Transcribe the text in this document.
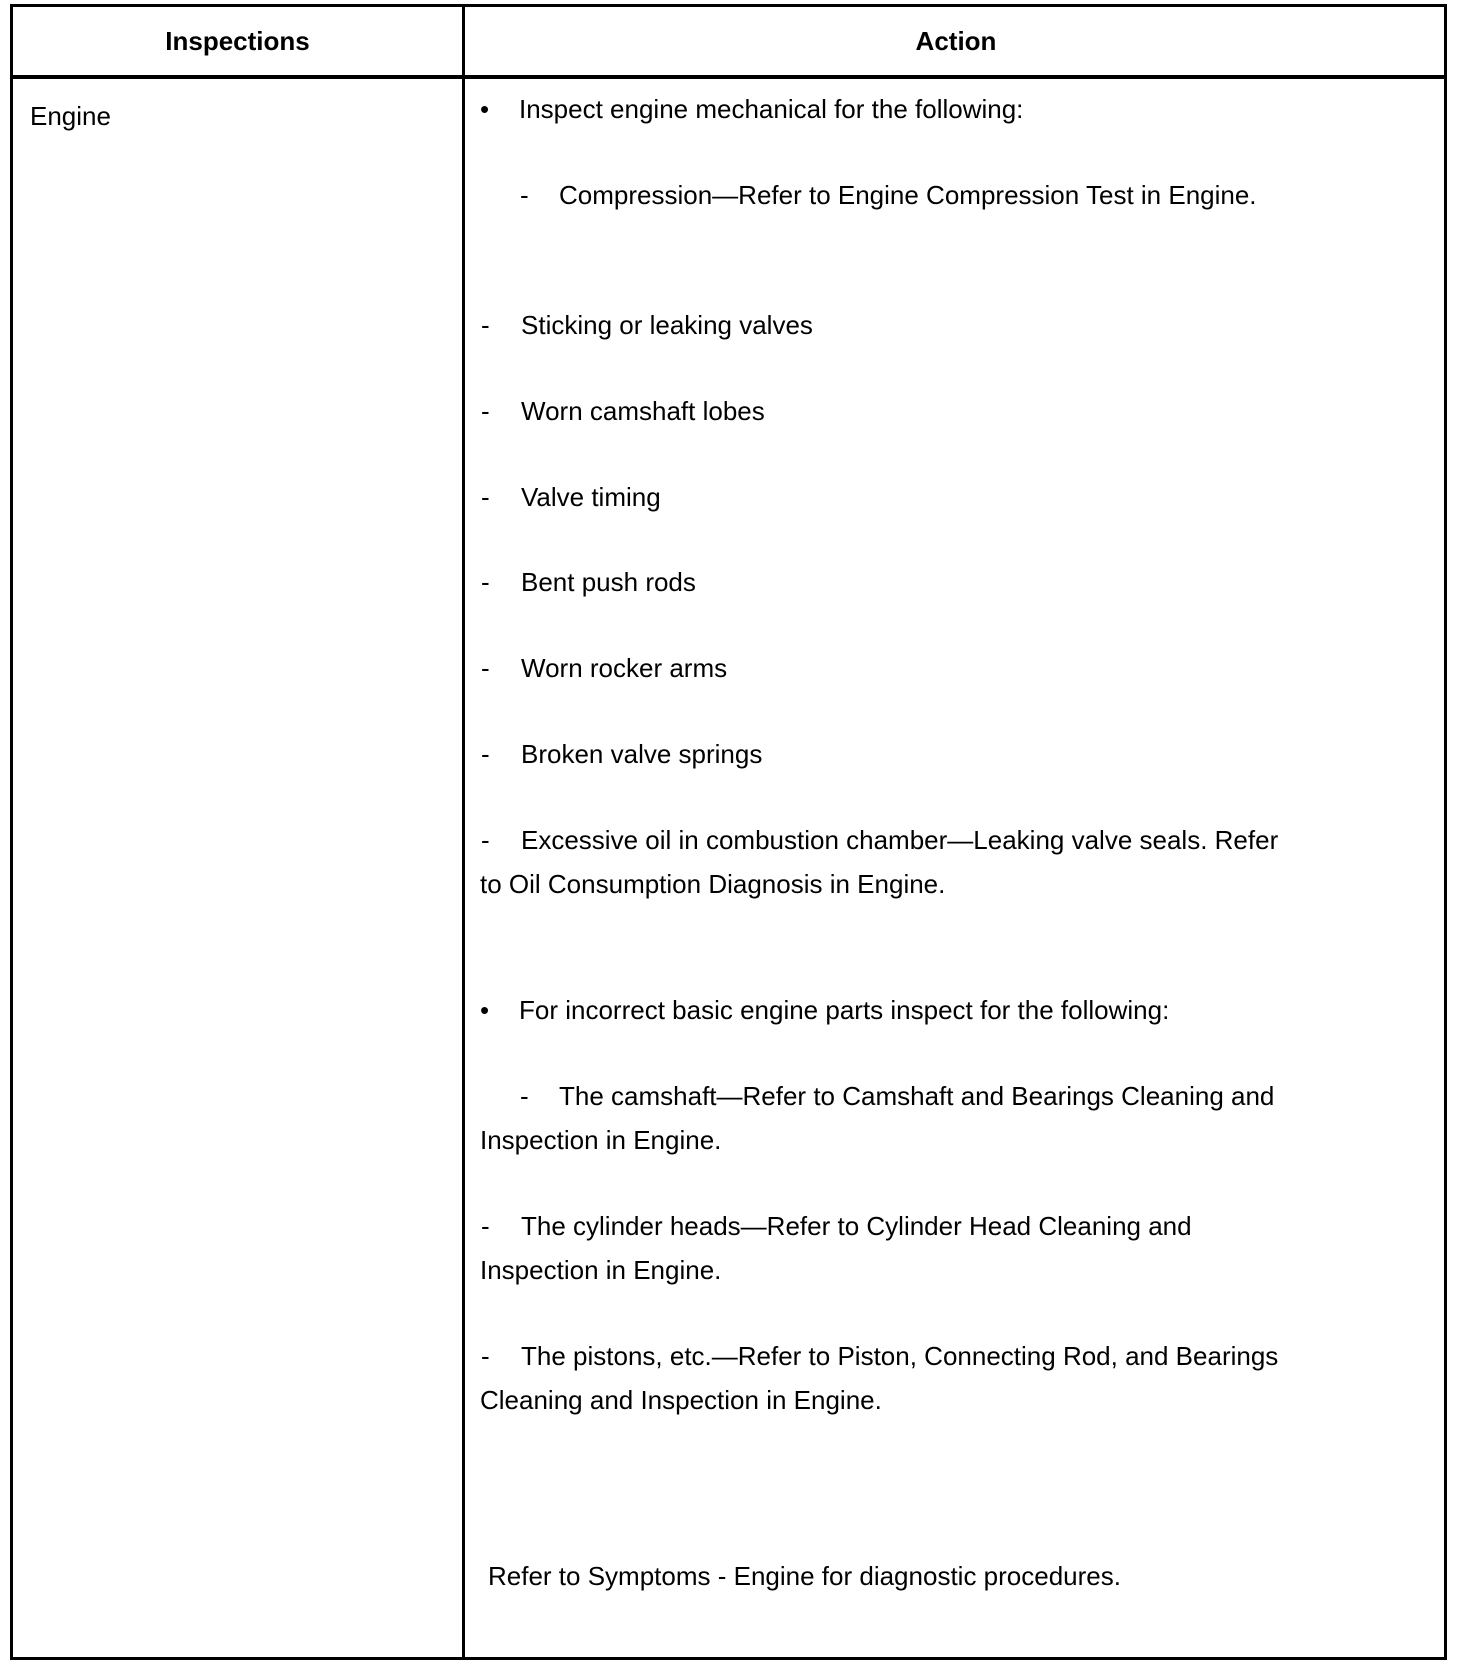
Inspections	Action
Engine	• Inspect engine mechanical for the following:
- Compression—Refer to Engine Compression Test in Engine.
- Sticking or leaking valves
- Worn camshaft lobes
- Valve timing
- Bent push rods
- Worn rocker arms
- Broken valve springs
- Excessive oil in combustion chamber—Leaking valve seals. Refer
to Oil Consumption Diagnosis in Engine.
• For incorrect basic engine parts inspect for the following:
- The camshaft—Refer to Camshaft and Bearings Cleaning and
Inspection in Engine.
- The cylinder heads—Refer to Cylinder Head Cleaning and
Inspection in Engine.
- The pistons, etc.—Refer to Piston, Connecting Rod, and Bearings
Cleaning and Inspection in Engine.
Refer to Symptoms - Engine for diagnostic procedures.
